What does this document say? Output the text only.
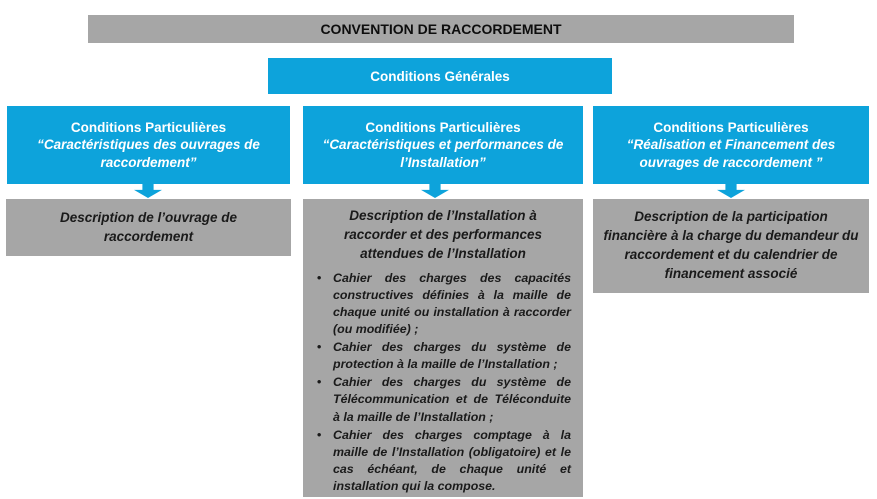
CONVENTION DE RACCORDEMENT
Conditions Générales
Conditions Particulières
“Caractéristiques des ouvrages de raccordement”
Description de l’ouvrage de raccordement
Conditions Particulières
“Caractéristiques et performances de l’Installation”
Description de l’Installation à raccorder et des performances attendues de l’Installation
• Cahier des charges des capacités constructives définies à la maille de chaque unité ou installation à raccorder (ou modifiée) ;
• Cahier des charges du système de protection à la maille de l’Installation ;
• Cahier des charges du système de Télécommunication et de Téléconduite à la maille de l’Installation ;
• Cahier des charges comptage à la maille de l’Installation (obligatoire) et le cas échéant, de chaque unité et installation qui la compose.
Conditions Particulières
“Réalisation et Financement des ouvrages de raccordement ”
Description de la participation financière à la charge du demandeur du raccordement et du calendrier de financement associé
